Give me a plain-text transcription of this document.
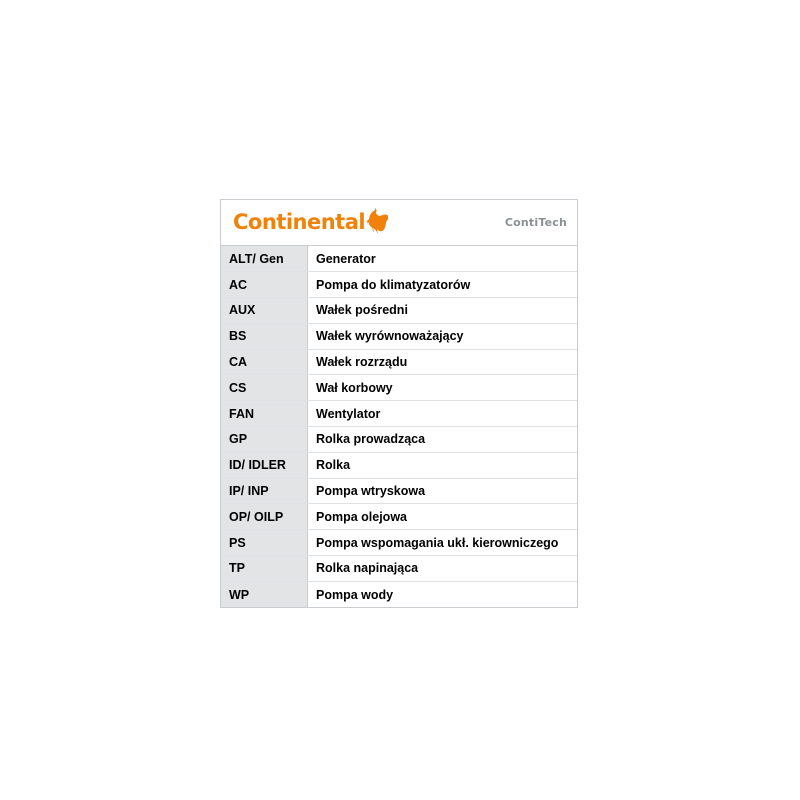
Continental	ContiTech
ALT/ Gen	Generator
AC	Pompa do klimatyzatorów
AUX	Wałek pośredni
BS	Wałek wyrównoważający
CA	Wałek rozrządu
CS	Wał korbowy
FAN	Wentylator
GP	Rolka prowadząca
ID/ IDLER	Rolka
IP/ INP	Pompa wtryskowa
OP/ OILP	Pompa olejowa
PS	Pompa wspomagania ukł. kierowniczego
TP	Rolka napinająca
WP	Pompa wody
